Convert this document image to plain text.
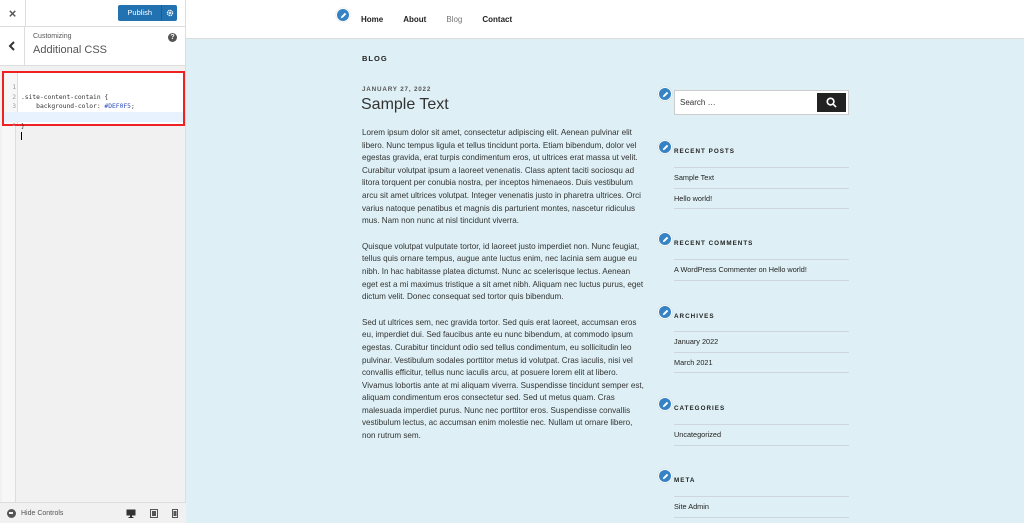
×	Publish
Customizing
Additional CSS
?

1

.site-content-contain {

2

background-color: #DEF0F5;

3

Hide Controls
Home	About	Blog	Contact
BLOG
JANUARY 27, 2022
Sample Text

Lorem ipsum dolor sit amet, consectetur adipiscing elit. Aenean pulvinar elit libero. Nunc tempus ligula et tellus tincidunt porta. Etiam bibendum, dolor vel egestas gravida, erat turpis condimentum eros, ut ultrices erat massa ut velit. Curabitur volutpat ipsum a laoreet venenatis. Class aptent taciti sociosqu ad litora torquent per conubia nostra, per inceptos himenaeos. Duis vestibulum arcu sit amet ultrices volutpat. Integer venenatis justo in pharetra ultrices. Orci varius natoque penatibus et magnis dis parturient montes, nascetur ridiculus mus. Nam non nunc at nisl tincidunt viverra.

Quisque volutpat vulputate tortor, id laoreet justo imperdiet non. Nunc feugiat, tellus quis ornare tempus, augue ante luctus enim, nec lacinia sem augue eu nibh. In hac habitasse platea dictumst. Nunc ac scelerisque lectus. Aenean eget est a mi maximus tristique a sit amet nibh. Aliquam nec luctus purus, eget dictum velit. Donec consequat sed tortor quis bibendum.

Sed ut ultrices sem, nec gravida tortor. Sed quis erat laoreet, accumsan eros eu, imperdiet dui. Sed faucibus ante eu nunc bibendum, at commodo ipsum egestas. Curabitur tincidunt odio sed tellus condimentum, eu sollicitudin leo pulvinar. Vestibulum sodales porttitor metus id volutpat. Cras iaculis, nisi vel convallis efficitur, tellus nunc iaculis arcu, at posuere lorem elit at libero. Vivamus lobortis ante at mi aliquam viverra. Suspendisse tincidunt semper est, aliquam condimentum eros consectetur sed. Sed ut metus quam. Cras malesuada imperdiet purus. Nunc nec porttitor eros. Suspendisse convallis vestibulum lectus, ac accumsan enim molestie nec. Nullam ut ornare libero, non rutrum sem.

Search …
RECENT POSTS
Sample Text
Hello world!
RECENT COMMENTS
A WordPress Commenter on Hello world!
ARCHIVES
January 2022
March 2021
CATEGORIES
Uncategorized
META
Site Admin
